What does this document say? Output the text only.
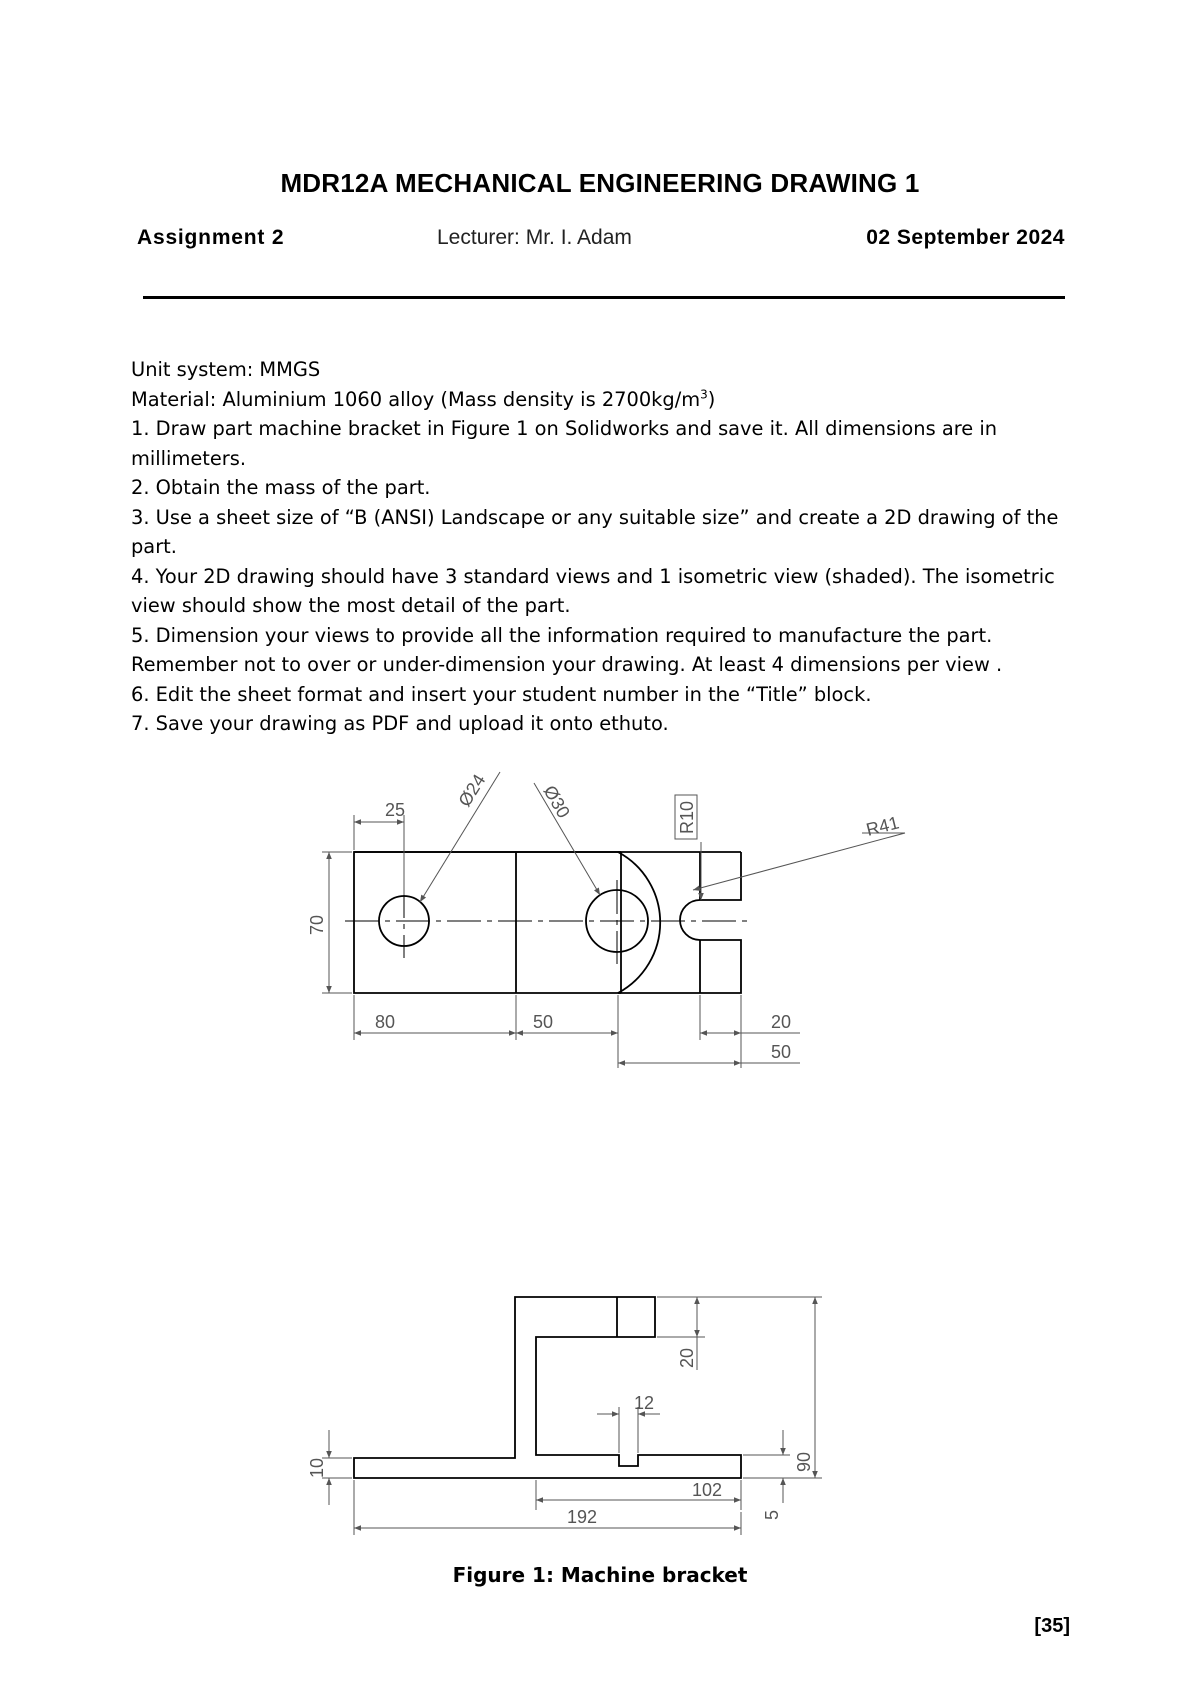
MDR12A MECHANICAL ENGINEERING DRAWING 1
Assignment 2	Lecturer: Mr. I. Adam	02 September 2024

Unit system: MMGS

Material: Aluminium 1060 alloy (Mass density is $2700kg/m^3$)

1. Draw part machine bracket in Figure 1 on Solidworks and save it. All dimensions are in millimeters.

2. Obtain the mass of the part.

3. Use a sheet size of “B (ANSI) Landscape or any suitable size” and create a 2D drawing of the part.

4. Your 2D drawing should have 3 standard views and 1 isometric view (shaded). The isometric view should show the most detail of the part.

5. Dimension your views to provide all the information required to manufacture the part. Remember not to over or under-dimension your drawing. At least 4 dimensions per view .

6. Edit the sheet format and insert your student number in the “Title” block.

7. Save your drawing as PDF and upload it onto ethuto.

25	Ø24	Ø30	R10	R41
70
80	50	20
50
20
12
10	90
5
102
192
Figure 1: Machine bracket
[35]
